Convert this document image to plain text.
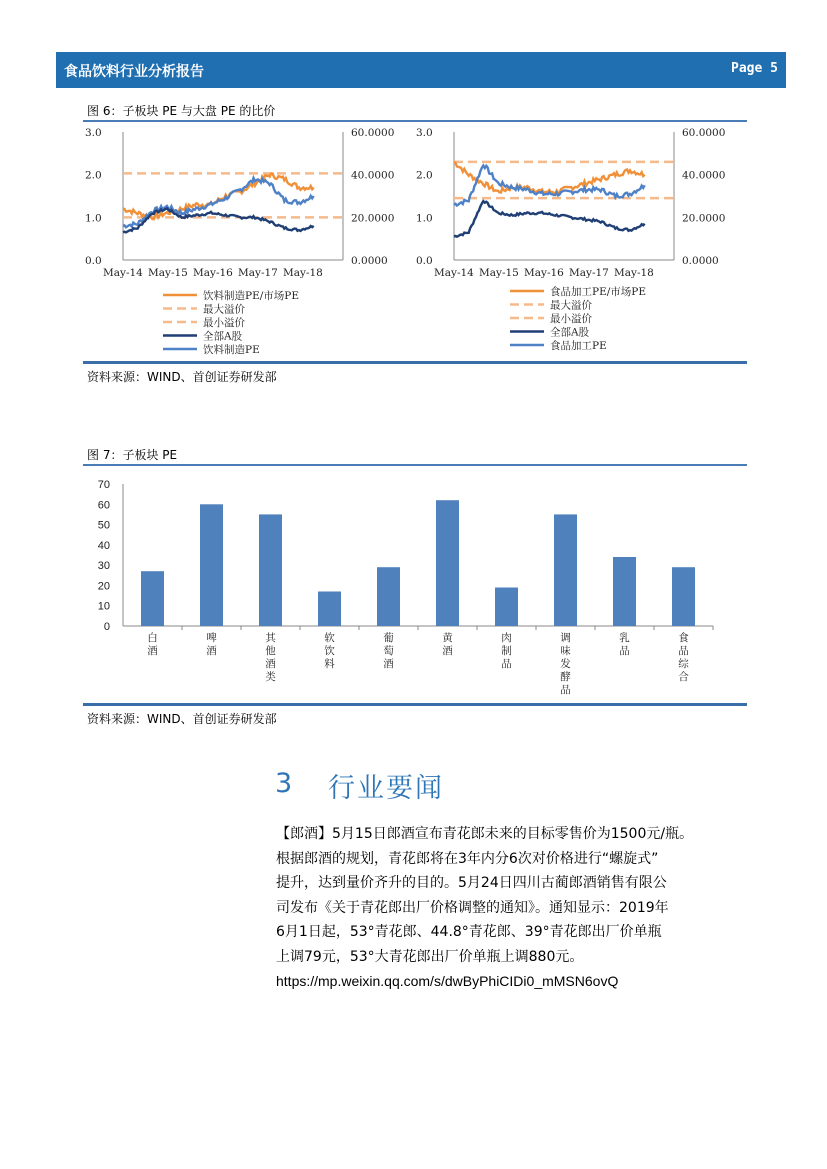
食品饮料行业分析报告	Page 5
图 6：子板块 PE 与大盘 PE 的比价
3.0
2.0
1.0
0.0
60.0000
40.0000
20.0000
0.0000
May-14 May-15 May-16 May-17 May-18
饮料制造PE/市场PE
最大溢价
最小溢价
全部A股
饮料制造PE
3.0
2.0
1.0
0.0
60.0000
40.0000
20.0000
0.0000
May-14 May-15 May-16 May-17 May-18
食品加工PE/市场PE
最大溢价
最小溢价
全部A股
食品加工PE
资料来源：WIND、首创证券研发部
图 7：子板块 PE
0
10
20
30
40
50
60
70
白酒
啤酒
其他酒类
软饮料
葡萄酒
黄酒
肉制品
调味发酵品
乳品
食品综合
资料来源：WIND、首创证券研发部
3 行业要闻
【郎酒】5月15日郎酒宣布青花郎未来的目标零售价为1500元/瓶。
根据郎酒的规划，青花郎将在3年内分6次对价格进行“螺旋式”
提升，达到量价齐升的目的。5月24日四川古蔺郎酒销售有限公
司发布《关于青花郎出厂价格调整的通知》。通知显示：2019年
6月1日起，53°青花郎、44.8°青花郎、39°青花郎出厂价单瓶
上调79元，53°大青花郎出厂价单瓶上调880元。
https://mp.weixin.qq.com/s/dwByPhiCIDi0_mMSN6ovQ
